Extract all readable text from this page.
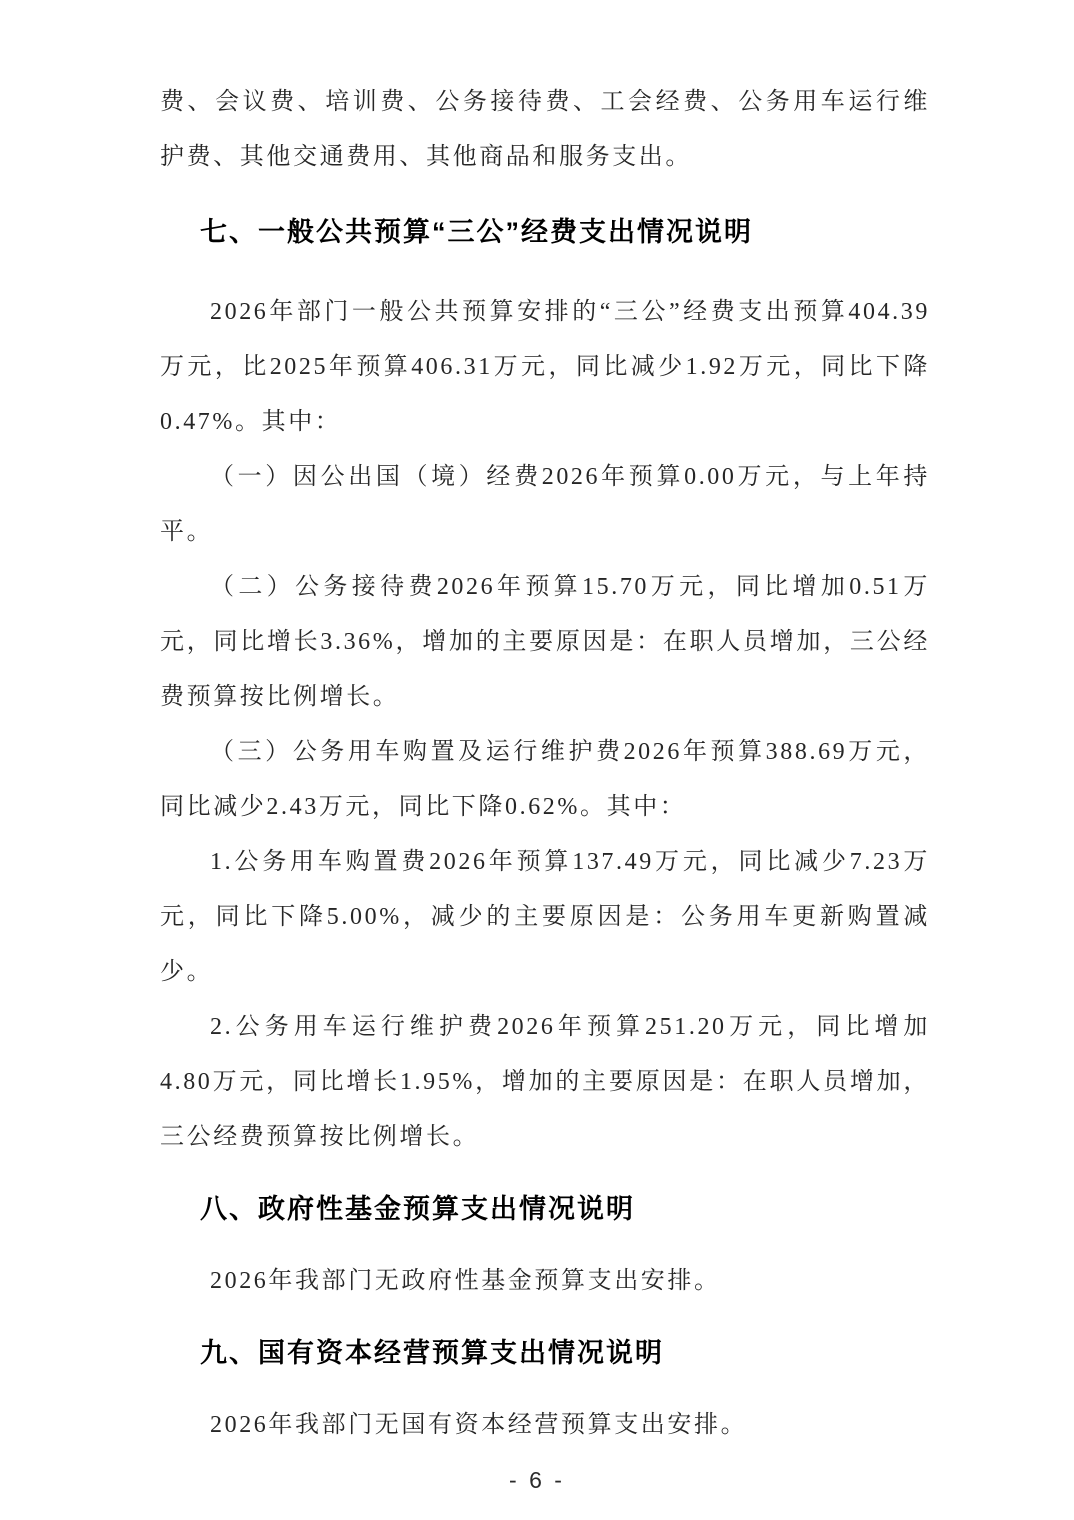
费、会议费、培训费、公务接待费、工会经费、公务用车运行维护费、其他交通费用、其他商品和服务支出。

七、一般公共预算“三公”经费支出情况说明

2026年部门一般公共预算安排的“三公”经费支出预算404.39万元，比2025年预算406.31万元，同比减少1.92万元，同比下降0.47%。其中：

（一）因公出国（境）经费2026年预算0.00万元，与上年持平。

（二）公务接待费2026年预算15.70万元，同比增加0.51万元，同比增长3.36%，增加的主要原因是：在职人员增加，三公经费预算按比例增长。

（三）公务用车购置及运行维护费2026年预算388.69万元，同比减少2.43万元，同比下降0.62%。其中：

1.公务用车购置费2026年预算137.49万元，同比减少7.23万元，同比下降5.00%，减少的主要原因是：公务用车更新购置减少。

2.公务用车运行维护费2026年预算251.20万元，同比增加4.80万元，同比增长1.95%，增加的主要原因是：在职人员增加，三公经费预算按比例增长。

八、政府性基金预算支出情况说明

2026年我部门无政府性基金预算支出安排。

九、国有资本经营预算支出情况说明

2026年我部门无国有资本经营预算支出安排。

- 6 -
